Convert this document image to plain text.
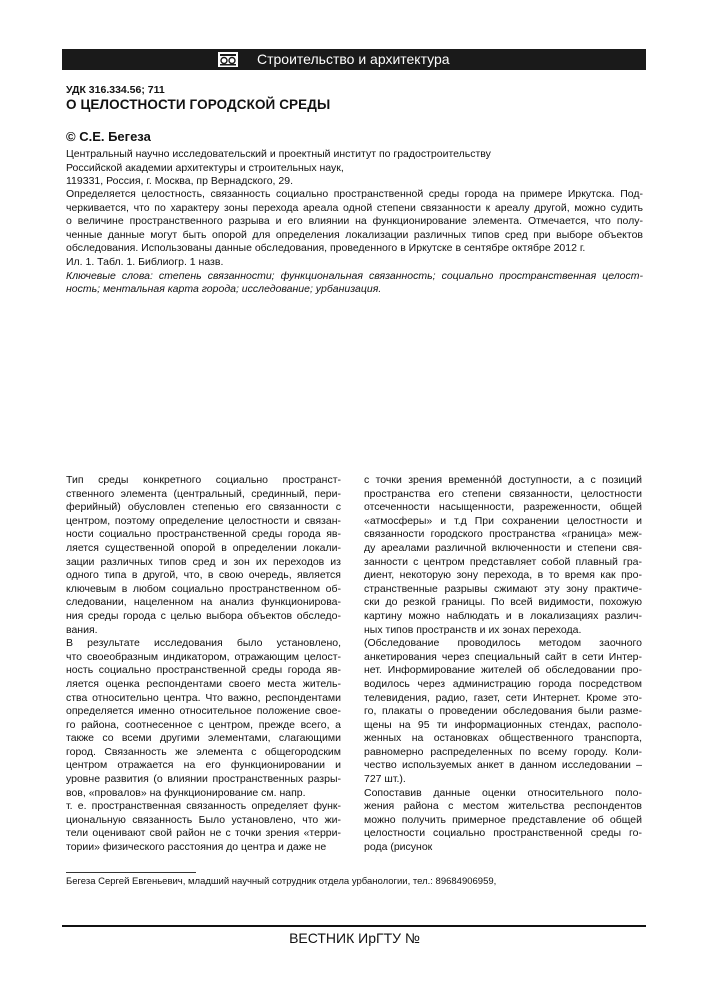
Строительство и архитектура
УДК 316.334.56; 711
О ЦЕЛОСТНОСТИ ГОРОДСКОЙ СРЕДЫ
© С.Е. Бегеза
Центральный научно исследовательский и проектный институт по градостроительству
Российской академии архитектуры и строительных наук,
119331, Россия, г. Москва, пр Вернадского, 29.
Определяется целостность, связанность социально пространственной среды города на примере Иркутска. Под-
черкивается, что по характеру зоны перехода ареала одной степени связанности к ареалу другой, можно судить
о величине пространственного разрыва и его влиянии на функционирование элемента. Отмечается, что полу-
ченные данные могут быть опорой для определения локализации различных типов сред при выборе объектов
обследования. Использованы данные обследования, проведенного в Иркутске в сентябре октябре 2012 г.
Ил. 1. Табл. 1. Библиогр. 1 назв.
Ключевые слова: степень связанности; функциональная связанность; социально пространственная целост-
ность; ментальная карта города; исследование; урбанизация.
Тип среды конкретного социально пространст-
ственного элемента (центральный, срединный, пери-
ферийный) обусловлен степенью его связанности с
центром, поэтому определение целостности и связан-
ности социально пространственной среды города яв-
ляется существенной опорой в определении локали-
зации различных типов сред и зон их переходов из
одного типа в другой, что, в свою очередь, является
ключевым в любом социально пространственном об-
следовании, нацеленном на анализ функционирова-
ния среды города с целью выбора объектов обследо-
вания.
В результате исследования было установлено,
что своеобразным индикатором, отражающим целост-
ность социально пространственной среды города яв-
ляется оценка респондентами своего места житель-
ства относительно центра. Что важно, респондентами
определяется именно относительное положение свое-
го района, соотнесенное с центром, прежде всего, а
также со всеми другими элементами, слагающими
город. Связанность же элемента с общегородским
центром отражается на его функционировании и
уровне развития (о влиянии пространственных разры-
вов, «провалов» на функционирование см. напр.
т. е. пространственная связанность определяет функ-
циональную связанность Было установлено, что жи-
тели оценивают свой район не с точки зрения «терри-
тории» физического расстояния до центра и даже не
с точки зрения временно́й доступности, а с позиций
пространства его степени связанности, целостности
отсеченности насыщенности, разреженности, общей
«атмосферы» и т.д При сохранении целостности и
связанности городского пространства «граница» меж-
ду ареалами различной включенности и степени свя-
занности с центром представляет собой плавный гра-
диент, некоторую зону перехода, в то время как про-
странственные разрывы сжимают эту зону практиче-
ски до резкой границы. По всей видимости, похожую
картину можно наблюдать и в локализациях различ-
ных типов пространств и их зонах перехода.
(Обследование проводилось методом заочного
анкетирования через специальный сайт в сети Интер-
нет. Информирование жителей об обследовании про-
водилось через администрацию города посредством
телевидения, радио, газет, сети Интернет. Кроме это-
го, плакаты о проведении обследования были разме-
щены на 95 ти информационных стендах, располо-
женных на остановках общественного транспорта,
равномерно распределенных по всему городу. Коли-
чество используемых анкет в данном исследовании –
727 шт.).
Сопоставив данные оценки относительного поло-
жения района с местом жительства респондентов
можно получить примерное представление об общей
целостности социально пространственной среды го-
рода (рисунок
Бегеза Сергей Евгеньевич, младший научный сотрудник отдела урбанологии, тел.: 89684906959,
ВЕСТНИК ИрГТУ №
